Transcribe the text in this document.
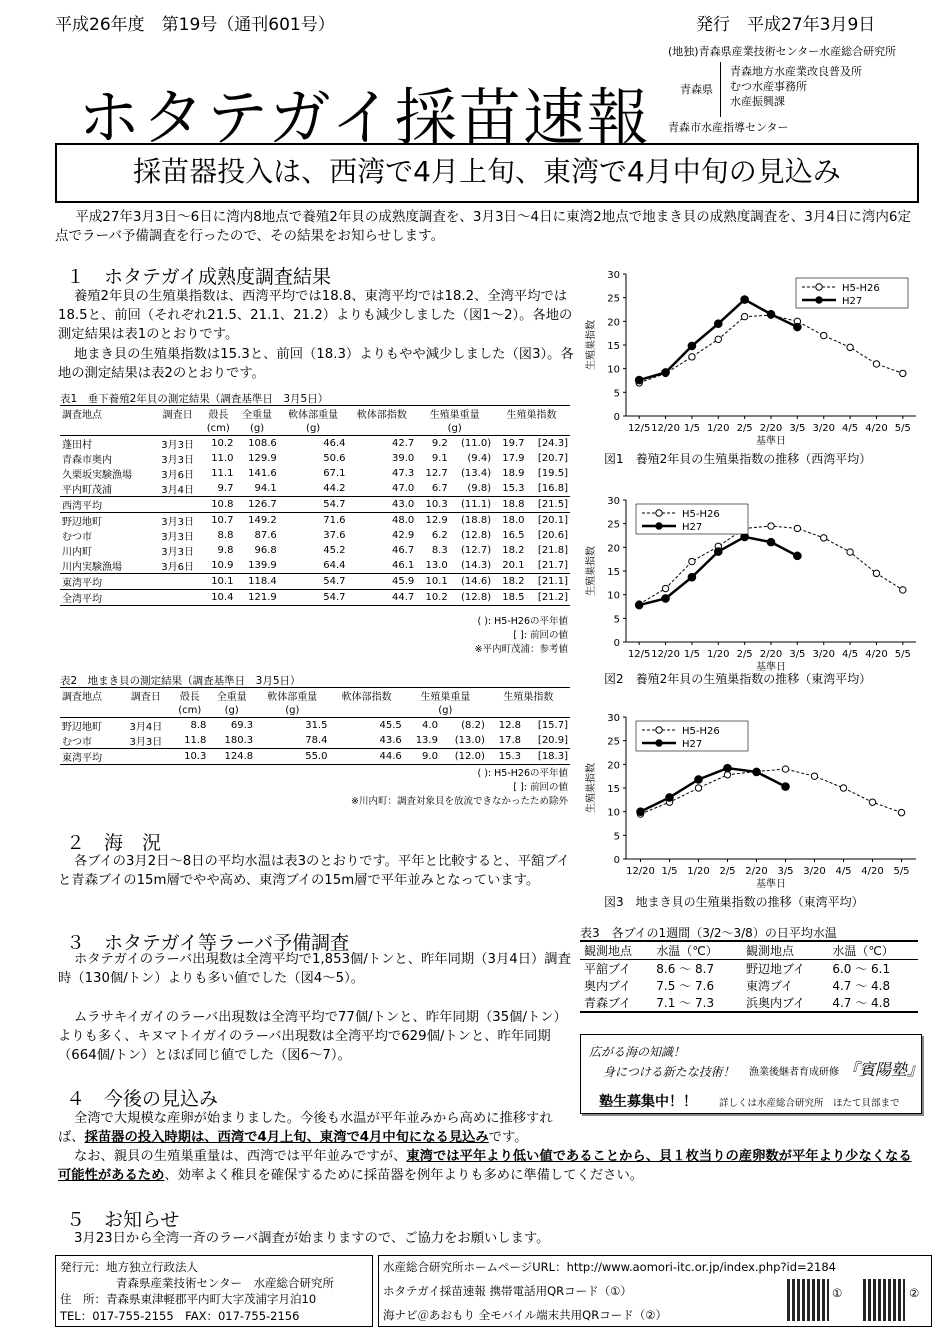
平成26年度　第19号（通刊601号）	発行　平成27年3月9日
ホタテガイ採苗速報
(地独)青森県産業技術センター水産総合研究所
青森県
青森地方水産業改良普及所
むつ水産事務所
水産振興課
青森市水産指導センター
採苗器投入は、西湾で4月上旬、東湾で4月中旬の見込み
平成27年3月3日～6日に湾内8地点で養殖2年貝の成熟度調査を、3月3日～4日に東湾2地点で地まき貝の成熟度調査を、3月4日に湾内6定点でラーバ予備調査を行ったので、その結果をお知らせします。
１　ホタテガイ成熟度調査結果
養殖2年貝の生殖巣指数は、西湾平均では18.8、東湾平均では18.2、全湾平均では18.5と、前回（それぞれ21.5、21.1、21.2）よりも減少しました（図1～2）。各地の測定結果は表1のとおりです。
地まき貝の生殖巣指数は15.3と、前回（18.3）よりもやや減少しました（図3）。各地の測定結果は表2のとおりです。
表1　垂下養殖2年貝の測定結果（調査基準日　3月5日）
調査地点	調査日	殻長	全重量	軟体部重量	軟体部指数	生殖巣重量		生殖巣指数	
		(cm)	(g)	(g)		(g)			
蓬田村	3月3日	10.2	108.6	46.4	42.7	9.2	(11.0)	19.7	[24.3]
青森市奥内	3月3日	11.0	129.9	50.6	39.0	9.1	(9.4)	17.9	[20.7]
久栗坂実験漁場	3月6日	11.1	141.6	67.1	47.3	12.7	(13.4)	18.9	[19.5]
平内町茂浦	3月4日	9.7	94.1	44.2	47.0	6.7	(9.8)	15.3	[16.8]
西湾平均		10.8	126.7	54.7	43.0	10.3	(11.1)	18.8	[21.5]
野辺地町	3月3日	10.7	149.2	71.6	48.0	12.9	(18.8)	18.0	[20.1]
むつ市	3月3日	8.8	87.6	37.6	42.9	6.2	(12.8)	16.5	[20.6]
川内町	3月3日	9.8	96.8	45.2	46.7	8.3	(12.7)	18.2	[21.8]
川内実験漁場	3月6日	10.9	139.9	64.4	46.1	13.0	(14.3)	20.1	[21.7]
東湾平均		10.1	118.4	54.7	45.9	10.1	(14.6)	18.2	[21.1]
全湾平均		10.4	121.9	54.7	44.7	10.2	(12.8)	18.5	[21.2]
( ): H5-H26の平年値
[ ]: 前回の値
※平内町茂浦：参考値
表2　地まき貝の測定結果（調査基準日　3月5日）
調査地点	調査日	殻長	全重量	軟体部重量	軟体部指数	生殖巣重量		生殖巣指数	
		(cm)	(g)	(g)		(g)			
野辺地町	3月4日	8.8	69.3	31.5	45.5	4.0	(8.2)	12.8	[15.7]
むつ市	3月3日	11.8	180.3	78.4	43.6	13.9	(13.0)	17.8	[20.9]
東湾平均		10.3	124.8	55.0	44.6	9.0	(12.0)	15.3	[18.3]
( ): H5-H26の平年値
[ ]: 前回の値
※川内町：調査対象貝を放流できなかったため除外
0
5
10
15
20
25
30
12/5 12/20 1/5 1/20 2/5 2/20 3/5 3/20 4/5 4/20 5/5
基準日
生殖巣指数
H5-H26
H27
図1　養殖2年貝の生殖巣指数の推移（西湾平均）
0
5
10
15
20
25
30
12/5 12/20 1/5 1/20 2/5 2/20 3/5 3/20 4/5 4/20 5/5
基準日
生殖巣指数
H5-H26
H27
図2　養殖2年貝の生殖巣指数の推移（東湾平均）
0
5
10
15
20
25
30
12/20 1/5 1/20 2/5 2/20 3/5 3/20 4/5 4/20 5/5
基準日
生殖巣指数
H5-H26
H27
図3　地まき貝の生殖巣指数の推移（東湾平均）
２　海　況
各ブイの3月2日～8日の平均水温は表3のとおりです。平年と比較すると、平舘ブイと青森ブイの15m層でやや高め、東湾ブイの15m層で平年並みとなっています。
３　ホタテガイ等ラーバ予備調査
ホタテガイのラーバ出現数は全湾平均で1,853個/トンと、昨年同期（3月4日）調査時（130個/トン）よりも多い値でした（図4～5）。
ムラサキイガイのラーバ出現数は全湾平均で77個/トンと、昨年同期（35個/トン）よりも多く、キヌマトイガイのラーバ出現数は全湾平均で629個/トンと、昨年同期（664個/トン）とほぼ同じ値でした（図6～7）。
表3　各ブイの1週間（3/2～3/8）の日平均水温
観測地点	水温（℃）	観測地点	水温（℃）
平舘ブイ	8.6 ～ 8.7	野辺地ブイ	6.0 ～ 6.1
奥内ブイ	7.5 ～ 7.6	東湾ブイ	4.7 ～ 4.8
青森ブイ	7.1 ～ 7.3	浜奥内ブイ	4.7 ～ 4.8
広がる海の知識！
身につける新たな技術！ 漁業後継者育成研修 『賓陽塾』
塾生募集中！！ 詳しくは水産総合研究所　ほたて貝部まで
４　今後の見込み
全湾で大規模な産卵が始まりました。今後も水温が平年並みから高めに推移すれば、採苗器の投入時期は、西湾で4月上旬、東湾で4月中旬になる見込みです。
なお、親貝の生殖巣重量は、西湾では平年並みですが、東湾では平年より低い値であることから、貝１枚当りの産卵数が平年より少なくなる可能性があるため、効率よく稚貝を確保するために採苗器を例年よりも多めに準備してください。
５　お知らせ
3月23日から全湾一斉のラーバ調査が始まりますので、ご協力をお願いします。
発行元：地方独立行政法人
青森県産業技術センター　水産総合研究所
住　所：青森県東津軽郡平内町大字茂浦字月泊10
TEL：017-755-2155　FAX：017-755-2156
水産総合研究所ホームページURL：http://www.aomori-itc.or.jp/index.php?id=2184
ホタテガイ採苗速報 携帯電話用QRコード（①）
海ナビ＠あおもり 全モバイル端末共用QRコード（②）
①	②
